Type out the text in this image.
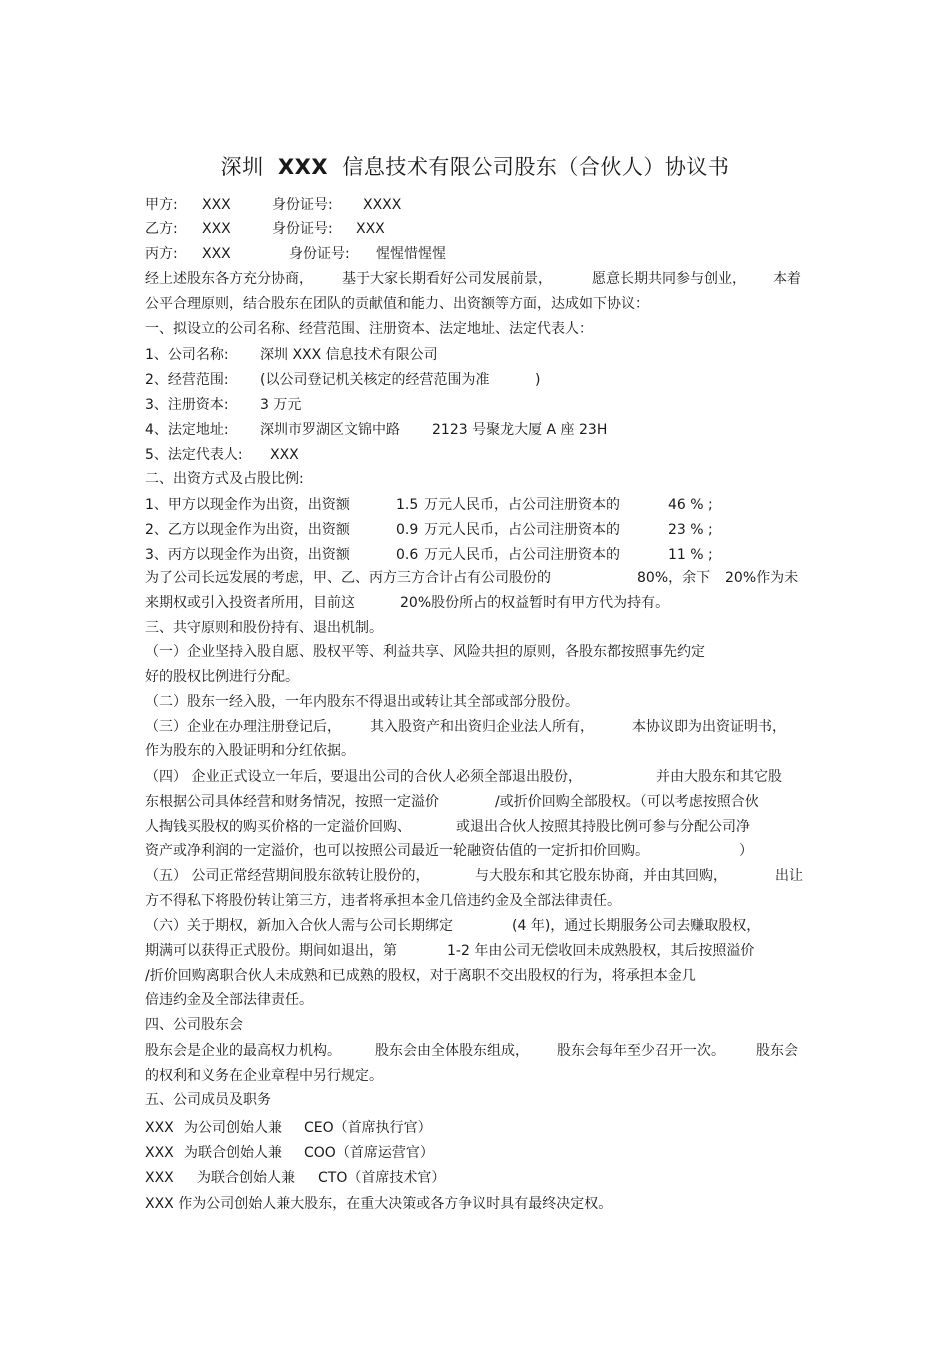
深圳 XXX 信息技术有限公司股东（合伙人）协议书
甲方: XXX	身份证号: XXXX
乙方: XXX	身份证号: XXX
丙方: XXX	身份证号: 惺惺惜惺惺
经上述股东各方充分协商， 基于大家长期看好公司发展前景，	愿意长期共同参与创业， 本着
公平合理原则，结合股东在团队的贡献值和能力、出资额等方面，达成如下协议：
一、拟设立的公司名称、经营范围、注册资本、法定地址、法定代表人：
1、公司名称: 深圳 XXX 信息技术有限公司
2、经营范围: (以公司登记机关核定的经营范围为准	)
3、注册资本: 3 万元
4、法定地址: 深圳市罗湖区文锦中路 2123 号聚龙大厦 A 座 23H
5、法定代表人: XXX
二、出资方式及占股比例:
1、甲方以现金作为出资，出资额	1.5 万元人民币，占公司注册资本的	46 % ;
2、乙方以现金作为出资，出资额	0.9 万元人民币，占公司注册资本的	23 % ;
3、丙方以现金作为出资，出资额	0.6 万元人民币，占公司注册资本的	11 % ;
为了公司长远发展的考虑，甲、乙、丙方三方合计占有公司股份的	80%，余下 20%作为未
来期权或引入投资者所用，目前这	20%股份所占的权益暂时有甲方代为持有。
三、共守原则和股份持有、退出机制。
（一）企业坚持入股自愿、股权平等、利益共享、风险共担的原则，各股东都按照事先约定
好的股权比例进行分配。
（二）股东一经入股，一年内股东不得退出或转让其全部或部分股份。
（三）企业在办理注册登记后， 其入股资产和出资归企业法人所有，	本协议即为出资证明书，
作为股东的入股证明和分红依据。
（四） 企业正式设立一年后，
要退出公司的合伙人必须全部退出股份，	并由大股东和其它股
东根据公司具体经营和财务情况，按照一定溢价	/或折价回购全部股权。（可以考虑按照合伙
人掏钱买股权的购买价格的一定溢价回购、	或退出合伙人按照其持股比例可参与分配公司净
资产或净利润的一定溢价，也可以按照公司最近一轮融资估值的一定折扣价回购。	）
（五） 公司正常经营期间股东欲转让股份的，	与大股东和其它股东协商，并由其回购，	出让
方不得私下将股份转让第三方，违者将承担本金几倍违约金及全部法律责任。
（六）关于期权，新加入合伙人需与公司长期绑定	(4 年)，通过长期服务公司去赚取股权，
期满可以获得正式股份。期间如退出，第	1-2 年由公司无偿收回未成熟股权，其后按照溢价
/折价回购离职合伙人未成熟和已成熟的股权，对于离职不交出股权的行为，将承担本金几
倍违约金及全部法律责任。
四、公司股东会
股东会是企业的最高权力机构。 股东会由全体股东组成， 股东会每年至少召开一次。 股东会
的权利和义务在企业章程中另行规定。
五、公司成员及职务
XXX 为公司创始人兼 CEO（首席执行官）
XXX 为联合创始人兼 COO（首席运营官）
XXX 为联合创始人兼 CTO（首席技术官）
XXX 作为公司创始人兼大股东，在重大决策或各方争议时具有最终决定权。
